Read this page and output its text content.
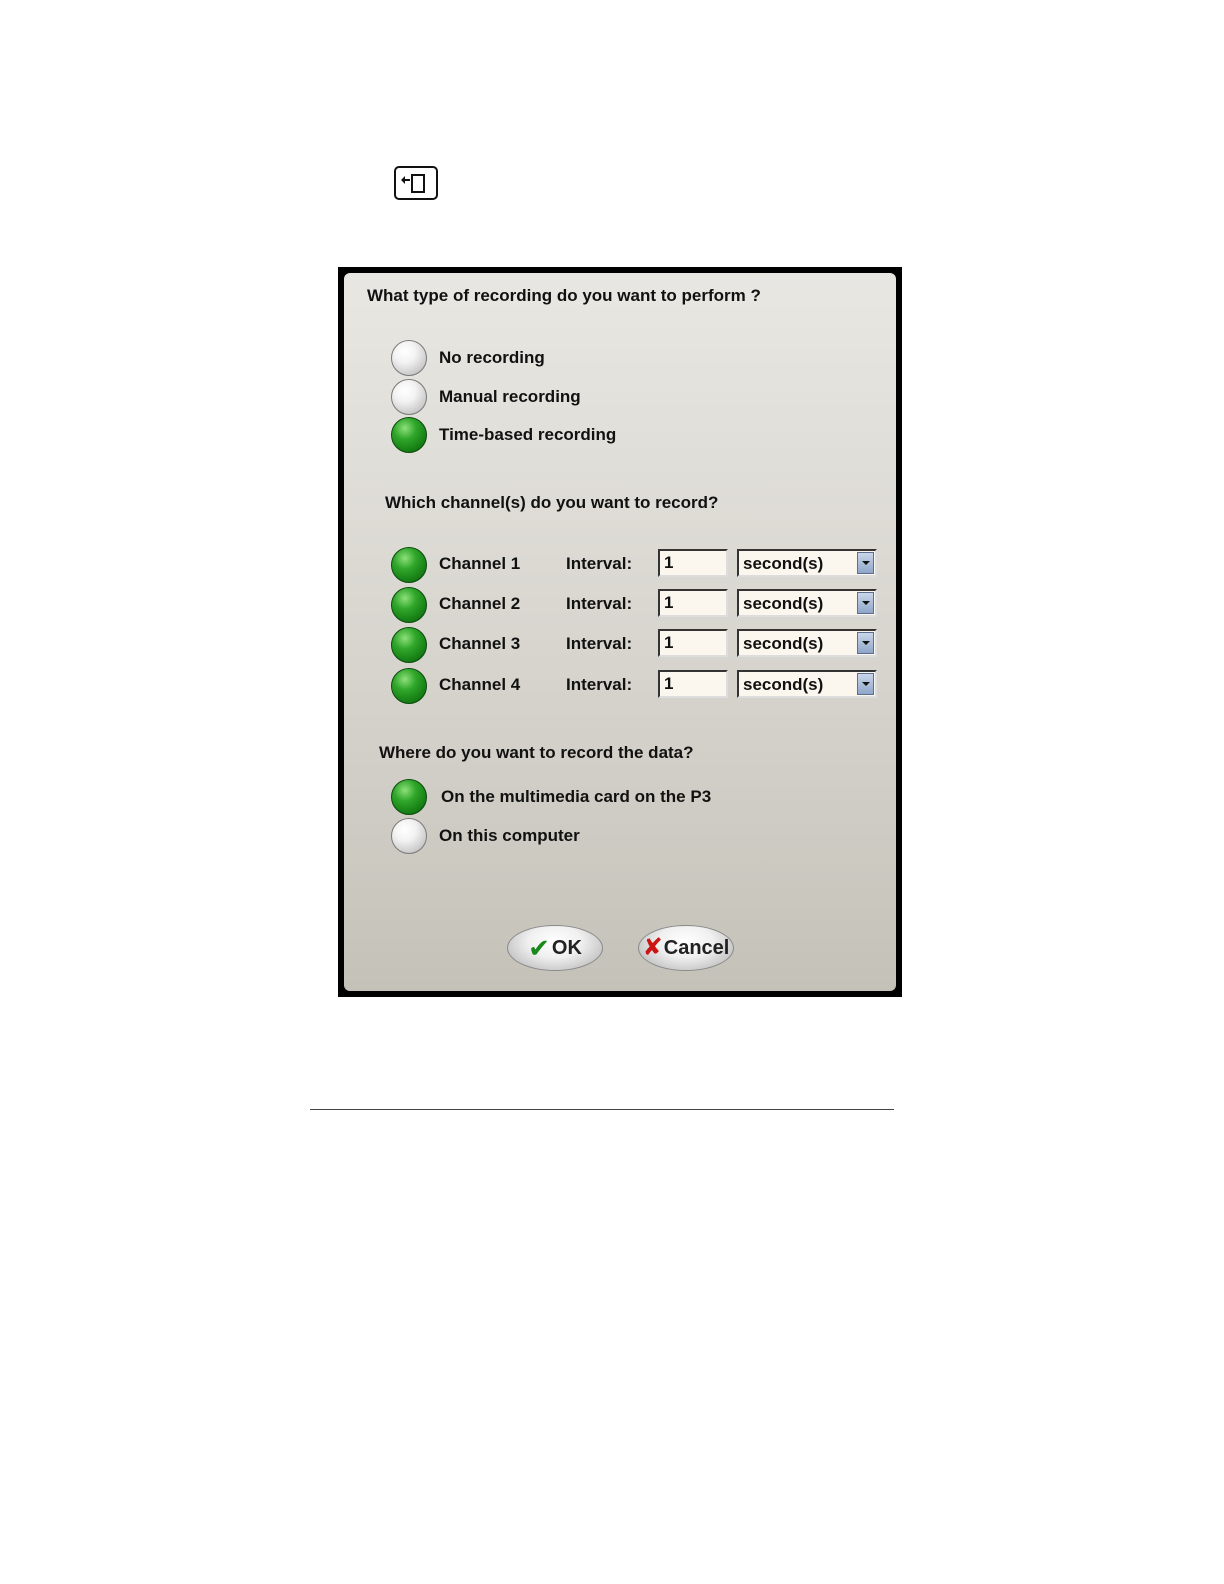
What type of recording do you want to perform ?
No recording
Manual recording
Time-based recording
Which channel(s) do you want to record?
Channel 1	Interval:	1	second(s)
Channel 2	Interval:	1	second(s)
Channel 3	Interval:	1	second(s)
Channel 4	Interval:	1	second(s)
Where do you want to record the data?
On the multimedia card on the P3
On this computer
✔ OK	✘ Cancel
